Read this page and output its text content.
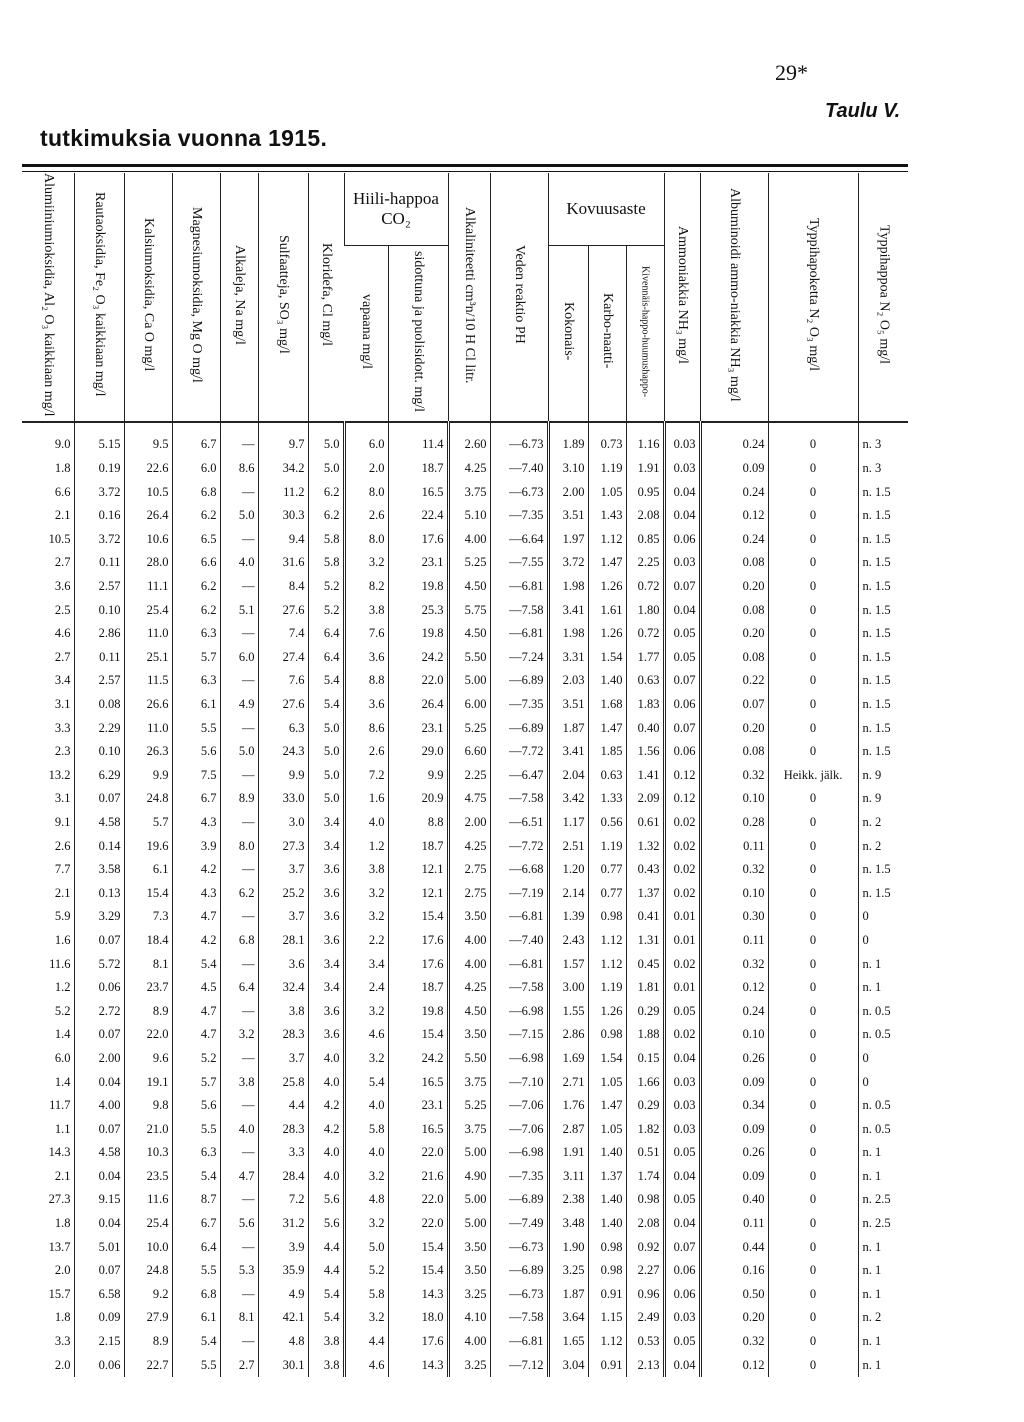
29*
Taulu V.
tutkimuksia vuonna 1915.
Alumiiniumioksidia, Al₂ O₃ kaikkiaan mg/l	Rautaoksidia, Fe₂ O₃ kaikkiaan mg/l	Kalsiumoksidia, Ca O mg/l	Magnesiumoksidia, Mg O mg/l	Alkaleja, Na mg/l	Sulfaatteja, SO₃ mg/l	Kloridefa, Cl mg/l	Hiili-happoa CO₂		Alkaliniteetti cm³n/10 H Cl litr.	Veden reaktio PH	Kovuusaste			Ammoniakkia NH₃ mg/l	Albuminoidi ammo-niakkia NH₃ mg/l	Typpihapoketta N₂ O₃ mg/l	Typpihappoa N₂ O₅ mg/l
							vapaana mg/l	sidottuna ja puolisidott. mg/l			Kokonais-	Karbo-naatti-	Kivennäis-happo-huumushappo-				
9.0	5.15	9.5	6.7	—	9.7	5.0	6.0	11.4	2.60	—6.73	1.89	0.73	1.16	0.03	0.24	0	n. 3
1.8	0.19	22.6	6.0	8.6	34.2	5.0	2.0	18.7	4.25	—7.40	3.10	1.19	1.91	0.03	0.09	0	n. 3
6.6	3.72	10.5	6.8	—	11.2	6.2	8.0	16.5	3.75	—6.73	2.00	1.05	0.95	0.04	0.24	0	n. 1.5
2.1	0.16	26.4	6.2	5.0	30.3	6.2	2.6	22.4	5.10	—7.35	3.51	1.43	2.08	0.04	0.12	0	n. 1.5
10.5	3.72	10.6	6.5	—	9.4	5.8	8.0	17.6	4.00	—6.64	1.97	1.12	0.85	0.06	0.24	0	n. 1.5
2.7	0.11	28.0	6.6	4.0	31.6	5.8	3.2	23.1	5.25	—7.55	3.72	1.47	2.25	0.03	0.08	0	n. 1.5
3.6	2.57	11.1	6.2	—	8.4	5.2	8.2	19.8	4.50	—6.81	1.98	1.26	0.72	0.07	0.20	0	n. 1.5
2.5	0.10	25.4	6.2	5.1	27.6	5.2	3.8	25.3	5.75	—7.58	3.41	1.61	1.80	0.04	0.08	0	n. 1.5
4.6	2.86	11.0	6.3	—	7.4	6.4	7.6	19.8	4.50	—6.81	1.98	1.26	0.72	0.05	0.20	0	n. 1.5
2.7	0.11	25.1	5.7	6.0	27.4	6.4	3.6	24.2	5.50	—7.24	3.31	1.54	1.77	0.05	0.08	0	n. 1.5
3.4	2.57	11.5	6.3	—	7.6	5.4	8.8	22.0	5.00	—6.89	2.03	1.40	0.63	0.07	0.22	0	n. 1.5
3.1	0.08	26.6	6.1	4.9	27.6	5.4	3.6	26.4	6.00	—7.35	3.51	1.68	1.83	0.06	0.07	0	n. 1.5
3.3	2.29	11.0	5.5	—	6.3	5.0	8.6	23.1	5.25	—6.89	1.87	1.47	0.40	0.07	0.20	0	n. 1.5
2.3	0.10	26.3	5.6	5.0	24.3	5.0	2.6	29.0	6.60	—7.72	3.41	1.85	1.56	0.06	0.08	0	n. 1.5
13.2	6.29	9.9	7.5	—	9.9	5.0	7.2	9.9	2.25	—6.47	2.04	0.63	1.41	0.12	0.32	Heikk. jälk.	n. 9
3.1	0.07	24.8	6.7	8.9	33.0	5.0	1.6	20.9	4.75	—7.58	3.42	1.33	2.09	0.12	0.10	0	n. 9
9.1	4.58	5.7	4.3	—	3.0	3.4	4.0	8.8	2.00	—6.51	1.17	0.56	0.61	0.02	0.28	0	n. 2
2.6	0.14	19.6	3.9	8.0	27.3	3.4	1.2	18.7	4.25	—7.72	2.51	1.19	1.32	0.02	0.11	0	n. 2
7.7	3.58	6.1	4.2	—	3.7	3.6	3.8	12.1	2.75	—6.68	1.20	0.77	0.43	0.02	0.32	0	n. 1.5
2.1	0.13	15.4	4.3	6.2	25.2	3.6	3.2	12.1	2.75	—7.19	2.14	0.77	1.37	0.02	0.10	0	n. 1.5
5.9	3.29	7.3	4.7	—	3.7	3.6	3.2	15.4	3.50	—6.81	1.39	0.98	0.41	0.01	0.30	0	0
1.6	0.07	18.4	4.2	6.8	28.1	3.6	2.2	17.6	4.00	—7.40	2.43	1.12	1.31	0.01	0.11	0	0
11.6	5.72	8.1	5.4	—	3.6	3.4	3.4	17.6	4.00	—6.81	1.57	1.12	0.45	0.02	0.32	0	n. 1
1.2	0.06	23.7	4.5	6.4	32.4	3.4	2.4	18.7	4.25	—7.58	3.00	1.19	1.81	0.01	0.12	0	n. 1
5.2	2.72	8.9	4.7	—	3.8	3.6	3.2	19.8	4.50	—6.98	1.55	1.26	0.29	0.05	0.24	0	n. 0.5
1.4	0.07	22.0	4.7	3.2	28.3	3.6	4.6	15.4	3.50	—7.15	2.86	0.98	1.88	0.02	0.10	0	n. 0.5
6.0	2.00	9.6	5.2	—	3.7	4.0	3.2	24.2	5.50	—6.98	1.69	1.54	0.15	0.04	0.26	0	0
1.4	0.04	19.1	5.7	3.8	25.8	4.0	5.4	16.5	3.75	—7.10	2.71	1.05	1.66	0.03	0.09	0	0
11.7	4.00	9.8	5.6	—	4.4	4.2	4.0	23.1	5.25	—7.06	1.76	1.47	0.29	0.03	0.34	0	n. 0.5
1.1	0.07	21.0	5.5	4.0	28.3	4.2	5.8	16.5	3.75	—7.06	2.87	1.05	1.82	0.03	0.09	0	n. 0.5
14.3	4.58	10.3	6.3	—	3.3	4.0	4.0	22.0	5.00	—6.98	1.91	1.40	0.51	0.05	0.26	0	n. 1
2.1	0.04	23.5	5.4	4.7	28.4	4.0	3.2	21.6	4.90	—7.35	3.11	1.37	1.74	0.04	0.09	0	n. 1
27.3	9.15	11.6	8.7	—	7.2	5.6	4.8	22.0	5.00	—6.89	2.38	1.40	0.98	0.05	0.40	0	n. 2.5
1.8	0.04	25.4	6.7	5.6	31.2	5.6	3.2	22.0	5.00	—7.49	3.48	1.40	2.08	0.04	0.11	0	n. 2.5
13.7	5.01	10.0	6.4	—	3.9	4.4	5.0	15.4	3.50	—6.73	1.90	0.98	0.92	0.07	0.44	0	n. 1
2.0	0.07	24.8	5.5	5.3	35.9	4.4	5.2	15.4	3.50	—6.89	3.25	0.98	2.27	0.06	0.16	0	n. 1
15.7	6.58	9.2	6.8	—	4.9	5.4	5.8	14.3	3.25	—6.73	1.87	0.91	0.96	0.06	0.50	0	n. 1
1.8	0.09	27.9	6.1	8.1	42.1	5.4	3.2	18.0	4.10	—7.58	3.64	1.15	2.49	0.03	0.20	0	n. 2
3.3	2.15	8.9	5.4	—	4.8	3.8	4.4	17.6	4.00	—6.81	1.65	1.12	0.53	0.05	0.32	0	n. 1
2.0	0.06	22.7	5.5	2.7	30.1	3.8	4.6	14.3	3.25	—7.12	3.04	0.91	2.13	0.04	0.12	0	n. 1
